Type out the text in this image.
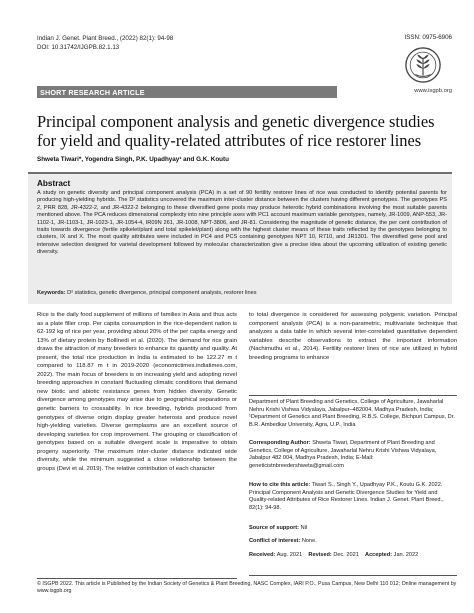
Indian J. Genet. Plant Breed., (2022) 82(1): 94-98
DOI: 10.31742/IJGPB.82.1.13
ISSN: 0975-6906
www.isgpb.org
SHORT RESEARCH ARTICLE
Principal component analysis and genetic divergence studies for yield and quality-related attributes of rice restorer lines
Shweta Tiwari*, Yogendra Singh, P.K. Upadhyay¹ and G.K. Koutu
Abstract
A study on genetic diversity and principal component analysis (PCA) in a set of 90 fertility restorer lines of rice was conducted to identify potential parents for producing high-yielding hybrids. The D² statistics uncovered the maximum inter-cluster distance between the clusters having different genotypes. The genotypes PS 2, PRR 828, JR-4322-2, and JR-4322-2 belonging to these diversified gene pools may produce heterotic hybrid combinations involving the most suitable parents mentioned above. The PCA reduces dimensional complexity into nine principle axes with PC1 account maximum variable genotypes, namely, JR-1009, ANP-553, JR-1102-1, JR-1103-1, JR-1023-1, JR-1054-4, IR09N 261, JR-1008, NPT-3806, and JR-81. Considering the magnitude of genetic distance, the per cent contribution of traits towards divergence (fertile spikelet/plant and total spikelet/plant) along with the highest cluster means of these traits reflected by the genotypes belonging to clusters, IX and X. The most quality attributes were included in PC4 and PCS containing genotypes NPT 10, R710, and JR1301. The diversified gene pool and intensive selection designed for varietal development followed by molecular characterization give a precise idea about the upcoming utilization of existing genetic diversity.
Keywords: D² statistics, genetic divergence, principal component analysis, restorer lines
Rice is the daily food supplement of millions of families in Asia and thus acts as a plate filler crop. Per capita consumption in the rice-dependent nation is 62-192 kg of rice per year, providing about 20% of the per capita energy and 13% of dietary protein by Bollinedi et al. (2020). The demand for rice grain draws the attraction of many breeders to enhance its quantity and quality. At present, the total rice production in India is estimated to be 122.27 m t compared to 118.87 m t in 2019-2020 (economictimes.indiatimes.com, 2022). The main focus of breeders is on increasing yield and adopting novel breeding approaches in constant fluctuating climatic conditions that demand new biotic and abiotic resistance genes from hidden diversity. Genetic divergence among genotypes may arise due to geographical separations or genetic barriers to crossability. In rice breeding, hybrids produced from genotypes of diverse origin display greater heterosis and produce novel high-yielding varieties. Diverse germplasms are an excellent source of developing varieties for crop improvement. The grouping or classification of genotypes based on a suitable divergent scale is imperative to obtain progeny superiority. The maximum inter-cluster distance indicated wide diversity, while the minimum suggested a close relationship between the groups (Devi et al. 2019). The relative contribution of each character
to total divergence is considered for assessing polygenic variation. Principal component analysis (PCA) is a non-parametric, multivariate technique that analyzes a data table in which several inter-correlated quantitative dependent variables describe observations to extract the important information (Nachimuthu et al., 2014). Fertility restorer lines of rice are utilized in hybrid breeding programs to enhance
Department of Plant Breeding and Genetics, College of Agriculture, Jawaharlal Nehru Krishi Vishwa Vidyalaya, Jabalpur–482004, Madhya Pradesh, India; ¹Department of Genetics and Plant Breeding, R.B.S. College, Bichpuri Campus, Dr. B.R. Ambedkar University, Agra, U.P., India
Corresponding Author: Shweta Tiwari, Department of Plant Breeding and Genetics, College of Agriculture, Jawaharlal Nehru Krishi Vishwa Vidyalaya, Jabalpur 482 004, Madhya Pradesh, India; E-Mail: geneticistnbreedershweta@gmail.com
How to cite this article: Tiwari S., Singh Y., Upadhyay P.K., Koutu G.K. 2022. Principal Component Analysis and Genetic Divergence Studies for Yield and Quality-related Attributes of Rice Restorer Lines. Indian J. Genet. Plant Breed., 82(1): 94-98.
Source of support: Nil
Conflict of interest: None.
Received: Aug. 2021 Revised: Dec. 2021 Accepted: Jan. 2022
© ISGPB 2022. This article is Published by the Indian Society of Genetics & Plant Breeding, NASC Complex, IARI P.O., Pusa Campus, New Delhi 110 012; Online management by www.isgpb.org
